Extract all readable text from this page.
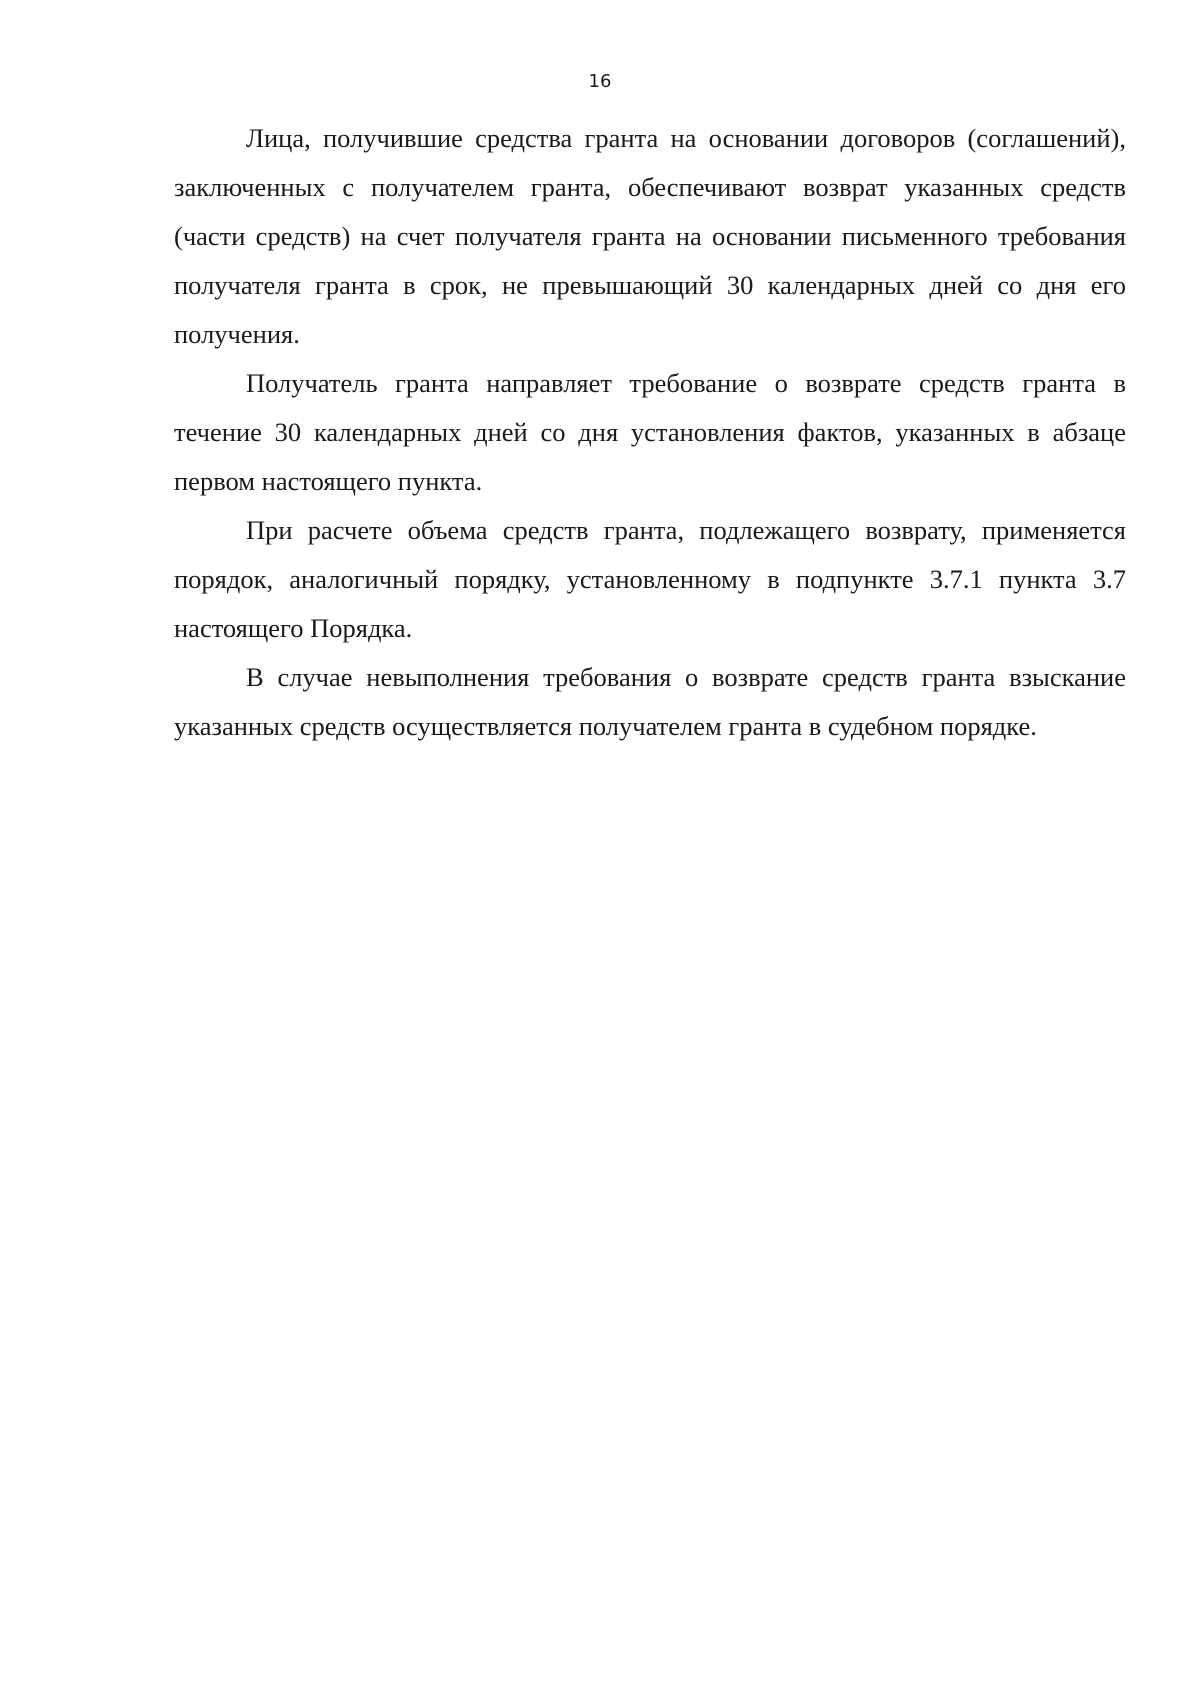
16

Лица, получившие средства гранта на основании договоров (соглашений), заключенных с получателем гранта, обеспечивают возврат указанных средств (части средств) на счет получателя гранта на основании письменного требования получателя гранта в срок, не превышающий 30 календарных дней со дня его получения.

Получатель гранта направляет требование о возврате средств гранта в течение 30 календарных дней со дня установления фактов, указанных в абзаце первом настоящего пункта.

При расчете объема средств гранта, подлежащего возврату, применяется порядок, аналогичный порядку, установленному в подпункте 3.7.1 пункта 3.7 настоящего Порядка.

В случае невыполнения требования о возврате средств гранта взыскание указанных средств осуществляется получателем гранта в судебном порядке.
